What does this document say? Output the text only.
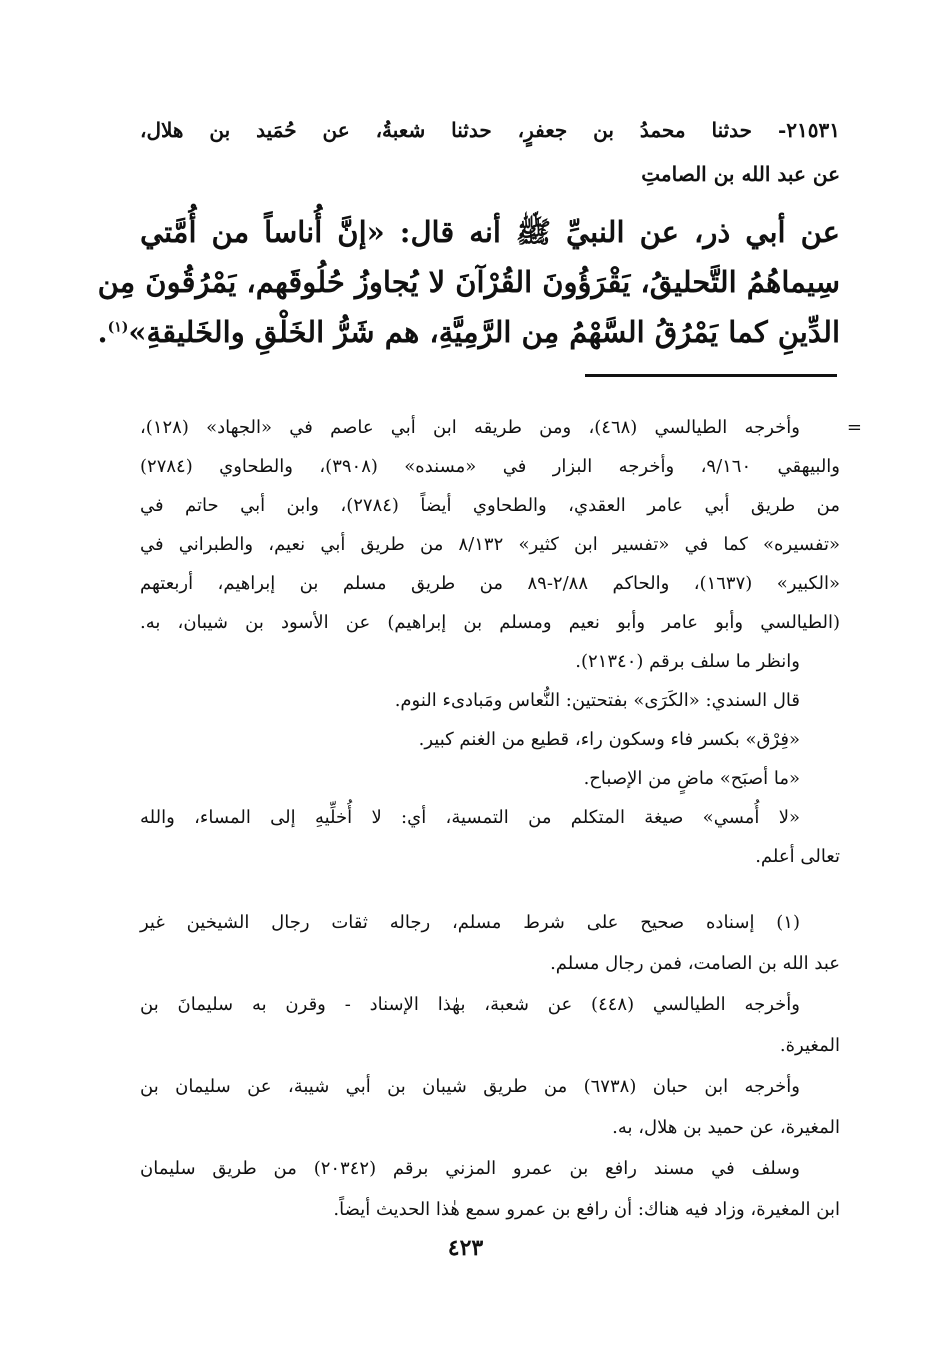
٢١٥٣١- حدثنا محمدُ بن جعفرٍ، حدثنا شعبةُ، عن حُمَيد بن هلال،
عن عبد الله بن الصامتِ
عن أبي ذر، عن النبيِّ ﷺ أنه قال: «إنَّ أُناساً من أُمَّتي
سِيماهُمُ التَّحليقُ، يَقْرَؤُونَ القُرْآنَ لا يُجاوزُ حُلُوقَهم، يَمْرُقُونَ مِن
الدِّينِ كما يَمْرُقُ السَّهْمُ مِن الرَّمِيَّةِ، هم شَرُّ الخَلْقِ والخَليقةِ»$^{(١)}$.
=
وأخرجه الطيالسي (٤٦٨)، ومن طريقه ابن أبي عاصم في «الجهاد» (١٢٨)،
والبيهقي ٩/١٦٠، وأخرجه البزار في «مسنده» (٣٩٠٨)، والطحاوي (٢٧٨٤)
من طريق أبي عامر العقدي، والطحاوي أيضاً (٢٧٨٤)، وابن أبي حاتم في
«تفسيره» كما في «تفسير ابن كثير» ٨/١٣٢ من طريق أبي نعيم، والطبراني في
«الكبير» (١٦٣٧)، والحاكم ٢/٨٨-٨٩ من طريق مسلم بن إبراهيم، أربعتهم
(الطيالسي وأبو عامر وأبو نعيم ومسلم بن إبراهيم) عن الأسود بن شيبان، به.
وانظر ما سلف برقم (٢١٣٤٠).
قال السندي: «الكَرَى» بفتحتين: النُّعاس ومَبادىء النوم.
«فِرْق» بكسر فاء وسكون راء، قطيع من الغنم كبير.
«ما أصبَح» ماضٍ من الإصباح.
«لا أُمسي» صيغة المتكلم من التمسية، أي: لا أُخلِّيهِ إلى المساء، والله
تعالى أعلم.
(١) إسناده صحيح على شرط مسلم، رجاله ثقات رجال الشيخين غير
عبد الله بن الصامت، فمن رجال مسلم.
وأخرجه الطيالسي (٤٤٨) عن شعبة، بهٰذا الإسناد - وقرن به سليمانَ بن
المغيرة.
وأخرجه ابن حبان (٦٧٣٨) من طريق شيبان بن أبي شيبة، عن سليمان بن
المغيرة، عن حميد بن هلال، به.
وسلف في مسند رافع بن عمرو المزني برقم (٢٠٣٤٢) من طريق سليمان
ابن المغيرة، وزاد فيه هناك: أن رافع بن عمرو سمع هٰذا الحديث أيضاً.
٤٢٣
